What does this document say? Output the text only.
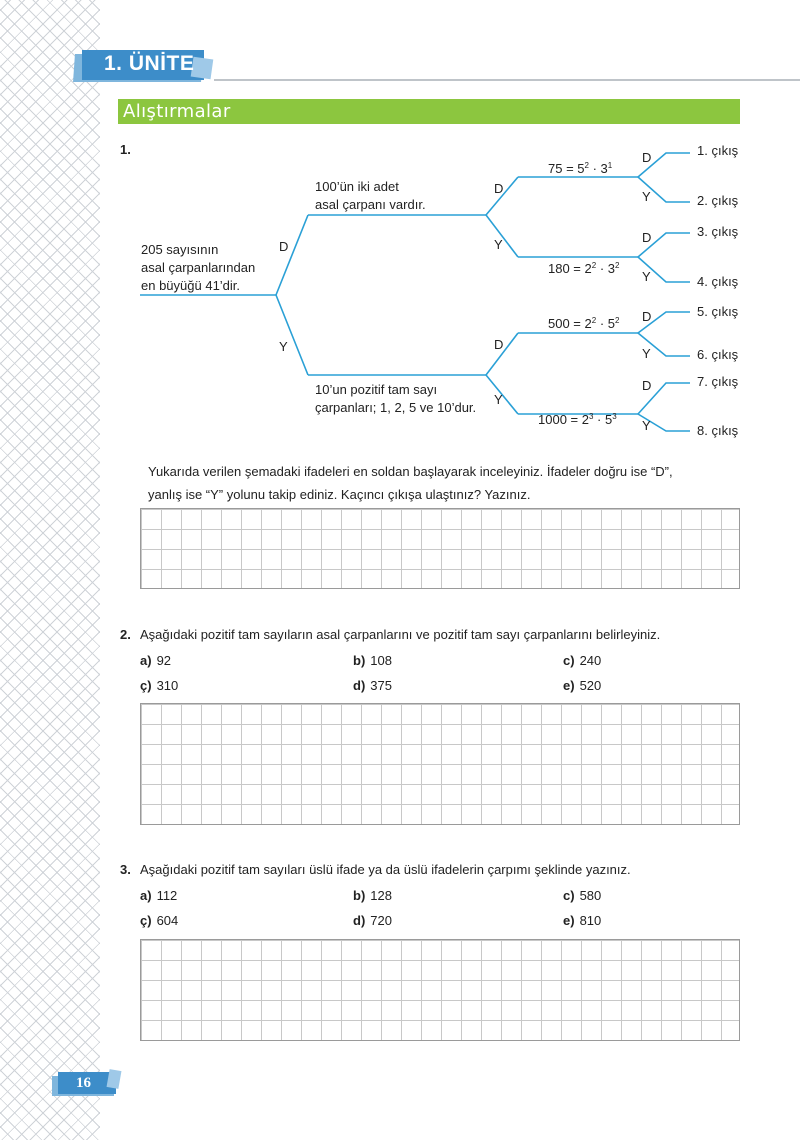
1. ÜNİTE
Alıştırmalar
1.
205 sayısının
asal çarpanlarından
en büyüğü 41’dir.
100’ün iki adet
asal çarpanı vardır.
10’un pozitif tam sayı
çarpanları; 1, 2, 5 ve 10’dur.
$75 = 5^2 \cdot 3^1$
$180 = 2^2 \cdot 3^2$
$500 = 2^2 \cdot 5^2$
$1000 = 2^3 \cdot 5^3$
D
Y
D
Y
D
Y
D
Y
D
Y
D
Y
D
Y
1. çıkış
2. çıkış
3. çıkış
4. çıkış
5. çıkış
6. çıkış
7. çıkış
8. çıkış
Yukarıda verilen şemadaki ifadeleri en soldan başlayarak inceleyiniz. İfadeler doğru ise “D”,
yanlış ise “Y” yolunu takip ediniz. Kaçıncı çıkışa ulaştınız? Yazınız.
2. Aşağıdaki pozitif tam sayıların asal çarpanlarını ve pozitif tam sayı çarpanlarını belirleyiniz.
a) 92	b) 108	c) 240
ç) 310	d) 375	e) 520
3. Aşağıdaki pozitif tam sayıları üslü ifade ya da üslü ifadelerin çarpımı şeklinde yazınız.
a) 112	b) 128	c) 580
ç) 604	d) 720	e) 810
16
